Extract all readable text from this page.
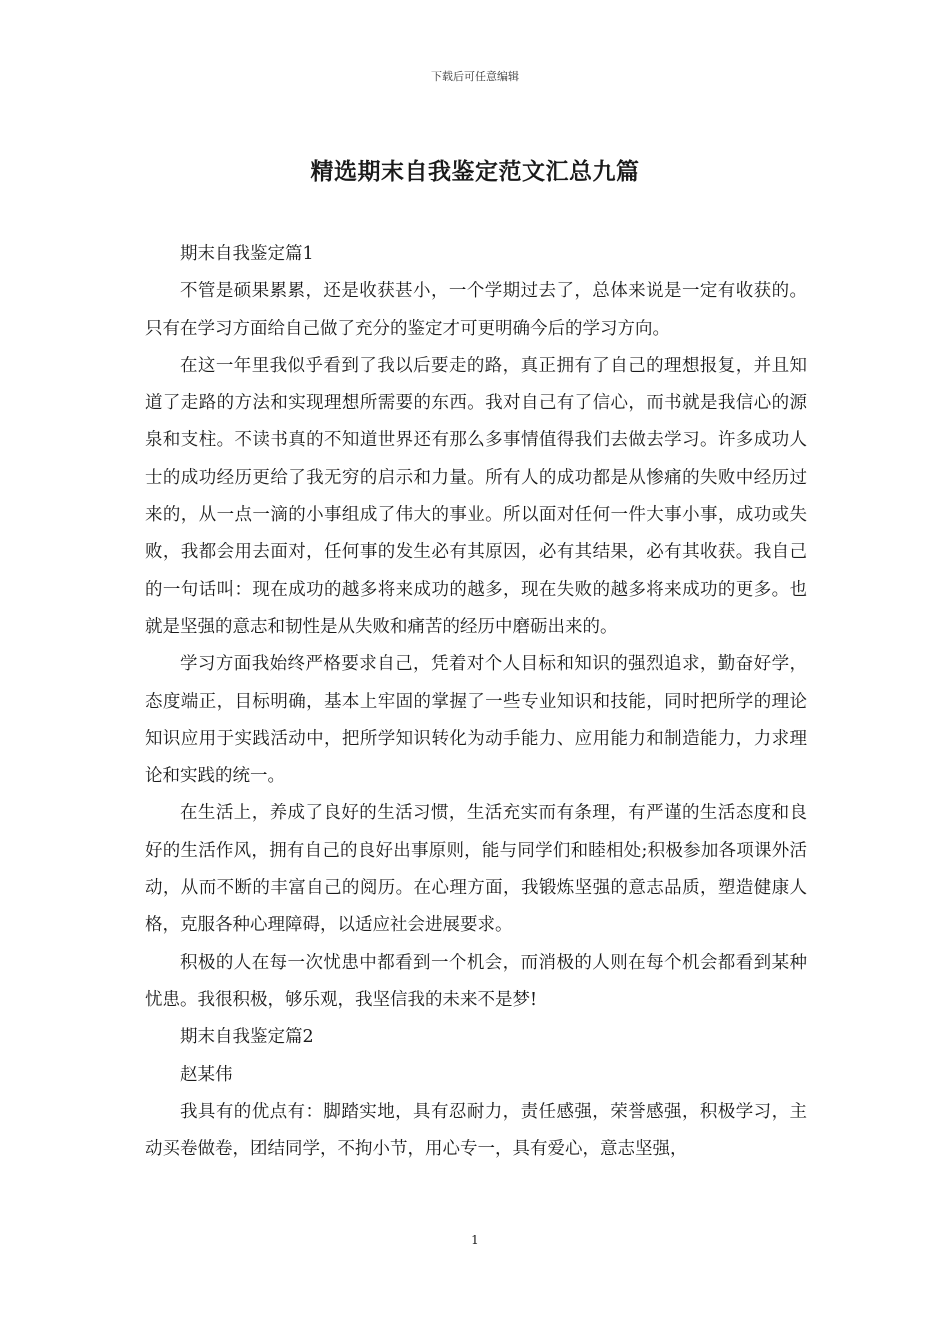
下载后可任意编辑
精选期末自我鉴定范文汇总九篇

期末自我鉴定篇1

不管是硕果累累，还是收获甚小，一个学期过去了，总体来说是一定有收获的。只有在学习方面给自己做了充分的鉴定才可更明确今后的学习方向。

在这一年里我似乎看到了我以后要走的路，真正拥有了自己的理想报复，并且知道了走路的方法和实现理想所需要的东西。我对自己有了信心，而书就是我信心的源泉和支柱。不读书真的不知道世界还有那么多事情值得我们去做去学习。许多成功人士的成功经历更给了我无穷的启示和力量。所有人的成功都是从惨痛的失败中经历过来的，从一点一滴的小事组成了伟大的事业。所以面对任何一件大事小事，成功或失败，我都会用去面对，任何事的发生必有其原因，必有其结果，必有其收获。我自己的一句话叫：现在成功的越多将来成功的越多，现在失败的越多将来成功的更多。也就是坚强的意志和韧性是从失败和痛苦的经历中磨砺出来的。

学习方面我始终严格要求自己，凭着对个人目标和知识的强烈追求，勤奋好学，态度端正，目标明确，基本上牢固的掌握了一些专业知识和技能，同时把所学的理论知识应用于实践活动中，把所学知识转化为动手能力、应用能力和制造能力，力求理论和实践的统一。

在生活上，养成了良好的生活习惯，生活充实而有条理，有严谨的生活态度和良好的生活作风，拥有自己的良好出事原则，能与同学们和睦相处;积极参加各项课外活动，从而不断的丰富自己的阅历。在心理方面，我锻炼坚强的意志品质，塑造健康人格，克服各种心理障碍，以适应社会进展要求。

积极的人在每一次忧患中都看到一个机会，而消极的人则在每个机会都看到某种忧患。我很积极，够乐观，我坚信我的未来不是梦!

期末自我鉴定篇2

赵某伟

我具有的优点有：脚踏实地，具有忍耐力，责任感强，荣誉感强，积极学习，主动买卷做卷，团结同学，不拘小节，用心专一，具有爱心，意志坚强，

1
